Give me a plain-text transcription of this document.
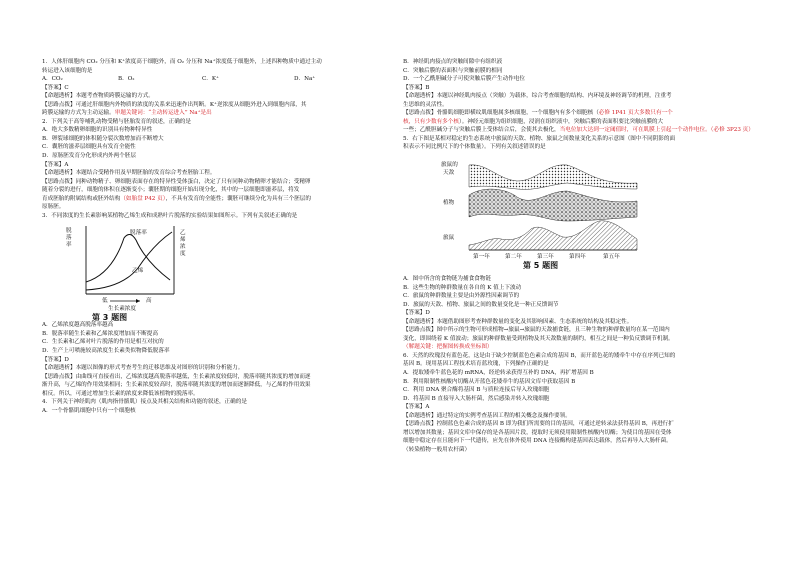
1．人体肝细胞内 CO₂ 分压和 K⁺浓度高于细胞外，而 O₂ 分压和 Na⁺浓度低于细胞外，上述四种物质中通过主动
转运进入该细胞的是
A．CO₂	B．O₂	C．K⁺	D．Na⁺
【答案】C
【命题透析】本题考查物质跨膜运输的方式。
【思路点拨】可通过肝细胞内外物质的浓度的关系来迅速作出判断。K⁺逆浓度从细胞外进入到细胞内部，其
跨膜运输的方式为主动运输。审题关键词：“主动转运进入” Na⁺是出
2．下列关于高等哺乳动物受精与胚胎发育的叙述，正确的是
A．绝大多数精卵细胞的识别具有物种特异性
B．卵裂球细胞的体积随分裂次数增加而不断增大
C．囊胚的滋养层细胞具有发育全能性
D．原肠胚发育分化形成内外两个胚层
【答案】A
【命题透析】本题结合受精作用及早期胚胎的发育综合考查胚胎工程。
【思路点拨】同种动物精子、卵细胞表面存在的特异性受体蛋白，决定了只有同种动物精卵才能结合；受精卵
随着分裂的进行，细胞的体积在逐渐变小；囊胚期的细胞开始出现分化，其中的一层细胞即滋养层，将发
育成胚胎的附属结构或胚外结构（如胎盘 P42 页），不具有发育的全能性；囊胚可继续分化为具有三个胚层的
原肠胚。
3．不同浓度的生长素影响某植物乙烯生成和成熟叶片脱落的实验结果如图所示。下列有关叙述正确的是
脱落率
乙烯浓度
脱落率
乙烯
低	高
生长素浓度
第 3 题图
A．乙烯浓度越高脱落率越高
B．脱落率随生长素和乙烯浓度增加而不断提高
C．生长素和乙烯对叶片脱落的作用是相互对抗的
D．生产上可喷施较高浓度生长素类似物降低脱落率
【答案】D
【命题透析】本题以图像的形式考查考生的迁移思维及对图形的识别和分析能力。
【思路点拨】由曲线可直接看出，乙烯浓度越高脱落率越低，生长素浓度较低时，脱落率随其浓度的增加而逐
渐升高，与乙烯的作用效果相同；生长素浓度较高时，脱落率随其浓度的增加而逐渐降低，与乙烯的作用效果
相反。所以，可通过增加生长素的浓度来降低该植物的脱落率。
4．下列关于神经肌肉（肌肉指骨骼肌）接点及其相关结构和功能的叙述，正确的是
A．一个骨骼肌细胞中只有一个细胞核
B．神经肌肉接点的突触间隙中有组织液
C．突触后膜的表面积与突触前膜的相同
D．一个乙酰胆碱分子可使突触后膜产生动作电位
【答案】B
【命题透析】本题以神经肌肉接点（突触）为载体，综合考查细胞的结构、内环境及神经调节的机理，注重考
生思维的灵活性。
【思路点拨】骨骼肌细胞即横纹肌细胞属多核细胞，一个细胞内有多个细胞核（必修 1P41 页大多数只有一个
核，只有少数有多个核）。神经元细胞为组织细胞，浸润在组织液中，突触后膜的表面积要比突触前膜的大
一些；乙酰胆碱分子与突触后膜上受体结合后，会使其去极化，当电位加大达到一定阈值时，可在肌膜上引起一个动作电位。（必修 3P23 页）
5．右下图是某相对稳定的生态系统中旅鼠的天敌、植物、旅鼠之间数量变化关系的示意图（图中不同阴影的面
积表示不同比例尺下的个体数量）。下列有关叙述错误的是
旅鼠的
天敌
植物
旅鼠
第一年	第二年	第三年	第四年	第五年
第 5 题图
A．图中所含的食物链为捕食食物链
B．这些生物的种群数量在各自的 K 值上下波动
C．旅鼠的种群数量主要是由外源性因素调节的
D．旅鼠的天敌、植物、旅鼠之间的数量变化是一种正反馈调节
【答案】D
【命题透析】本题借助图形考查种群数量的变化及其影响因素、生态系统的结构及其稳定性。
【思路点拨】图中所示的生物可形成植物→旅鼠→旅鼠的天敌捕食链，且三种生物的种群数量均在某一范围内
变化，即围绕着 K 值波动；旅鼠的种群数量受到植物及其天敌数量的制约，相互之间是一种负反馈调节机制。
（解题关键：把握图转换成坐标图）
6．天然的玫瑰没有蓝色花，这是由于缺少控制蓝色色素合成的基因 B，而开蓝色花的矮牵牛中存在序列已知的
基因 B。现用基因工程技术培育蓝玫瑰，下列操作正确的是
A．提取矮牵牛蓝色花的 mRNA，经逆转录获得互补的 DNA，再扩增基因 B
B．利用限制性核酸内切酶从开蓝色花矮牵牛的基因文库中获取基因 B
C．利用 DNA 聚合酶将基因 B 与质粒连接后导入玫瑰细胞
D．将基因 B 直接导入大肠杆菌，然后感染并转入玫瑰细胞
【答案】A
【命题透析】通过特定的实例考查基因工程的相关概念及操作要领。
【思路点拨】控制蓝色色素合成的基因 B 即为我们所需要的目的基因，可通过逆转录法获得基因 B，再进行扩
增以增加其数量；基因文库中保存的是各基因片段，提取时无须使用限制性核酸内切酶；为使目的基因在受体
细胞中稳定存在且能向下一代遗传，应先在体外使用 DNA 连接酶构建基因表达载体，然后再导入大肠杆菌。
（转染植物一般用农杆菌）
